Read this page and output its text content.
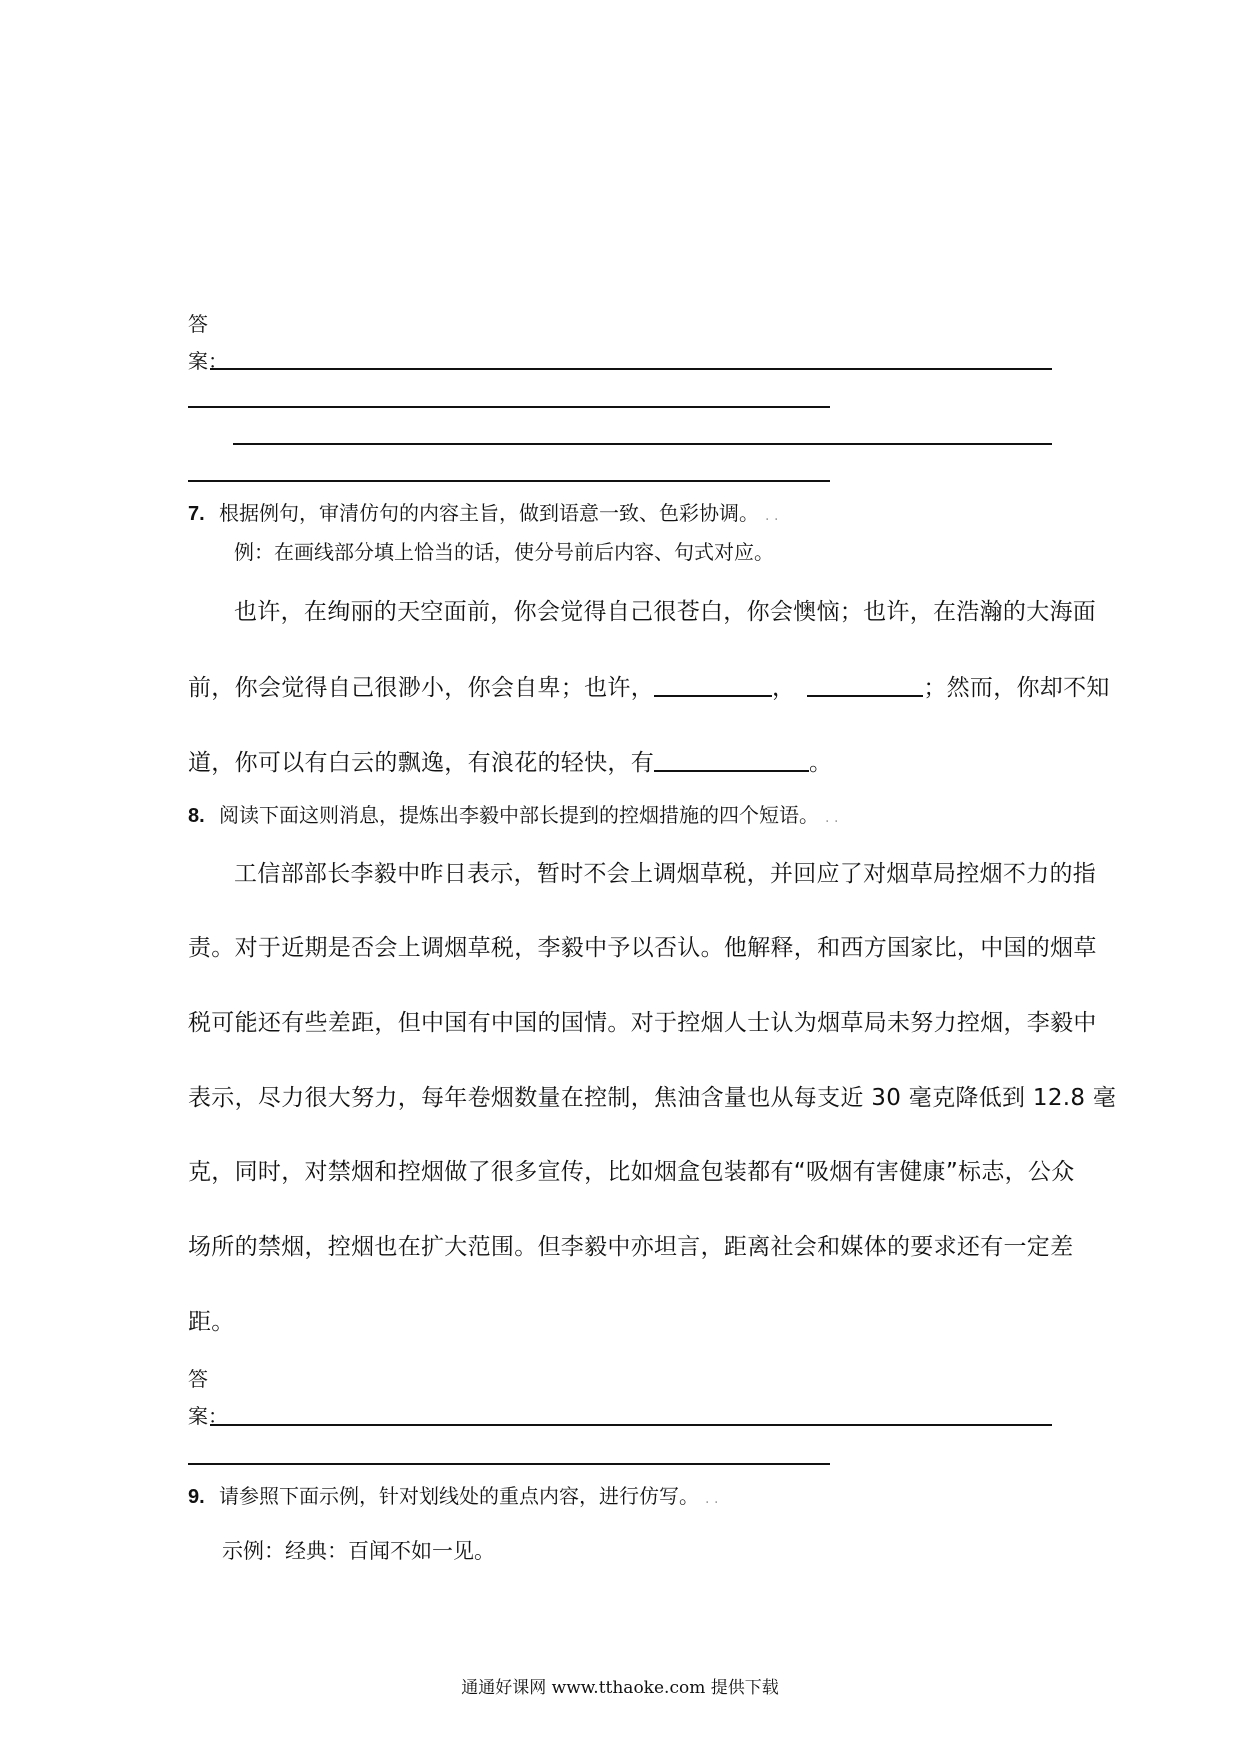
答
案：
7. 根据例句，审清仿句的内容主旨，做到语意一致、色彩协调。 . .
例：在画线部分填上恰当的话，使分号前后内容、句式对应。
也许，在绚丽的天空面前，你会觉得自己很苍白，你会懊恼；也许，在浩瀚的大海面
前，你会觉得自己很渺小，你会自卑；也许，	，	；然而，你却不知
道，你可以有白云的飘逸，有浪花的轻快，有	。
8. 阅读下面这则消息，提炼出李毅中部长提到的控烟措施的四个短语。 . .
工信部部长李毅中昨日表示，暂时不会上调烟草税，并回应了对烟草局控烟不力的指
责。对于近期是否会上调烟草税，李毅中予以否认。他解释，和西方国家比，中国的烟草
税可能还有些差距，但中国有中国的国情。对于控烟人士认为烟草局未努力控烟，李毅中
表示，尽力很大努力，每年卷烟数量在控制，焦油含量也从每支近 30 毫克降低到 12.8 毫
克，同时，对禁烟和控烟做了很多宣传，比如烟盒包装都有“吸烟有害健康”标志，公众
场所的禁烟，控烟也在扩大范围。但李毅中亦坦言，距离社会和媒体的要求还有一定差
距。
答
案：
9. 请参照下面示例，针对划线处的重点内容，进行仿写。 . .
示例：经典：百闻不如一见。
通通好课网 www.tthaoke.com 提供下载
